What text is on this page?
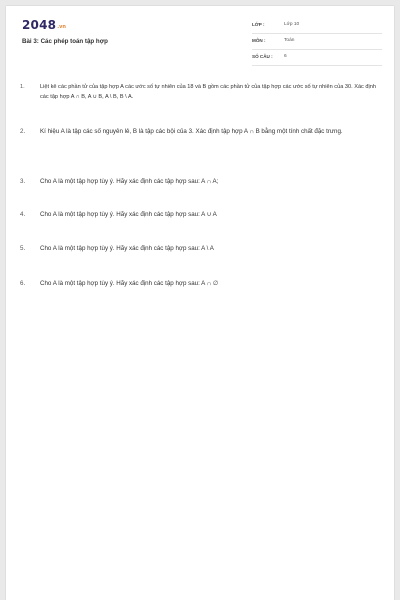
2048.vn
Bài 3: Các phép toán tập hợp
LỚP :	Lớp 10
MÔN :	Toán
SỐ CÂU : 6
1.	Liệt kê các phần tử của tập hợp A các ước số tự nhiên của 18 và B gồm các phần tử của tập hợp các ước số tự nhiên của 30. Xác định các tập hợp A ∩ B, A ∪ B, A \ B, B \ A.
2.	Kí hiệu A là tập các số nguyên lẻ, B là tập các bội của 3. Xác định tập hợp A ∩ B bằng một tính chất đặc trưng.
3.	Cho A là một tập hợp tùy ý. Hãy xác định các tập hợp sau: A ∩ A;
4.	Cho A là một tập hợp tùy ý. Hãy xác định các tập hợp sau: A ∪ A
5.	Cho A là một tập hợp tùy ý. Hãy xác định các tập hợp sau: A \ A
6.	Cho A là một tập hợp tùy ý. Hãy xác định các tập hợp sau: A ∩ ∅
